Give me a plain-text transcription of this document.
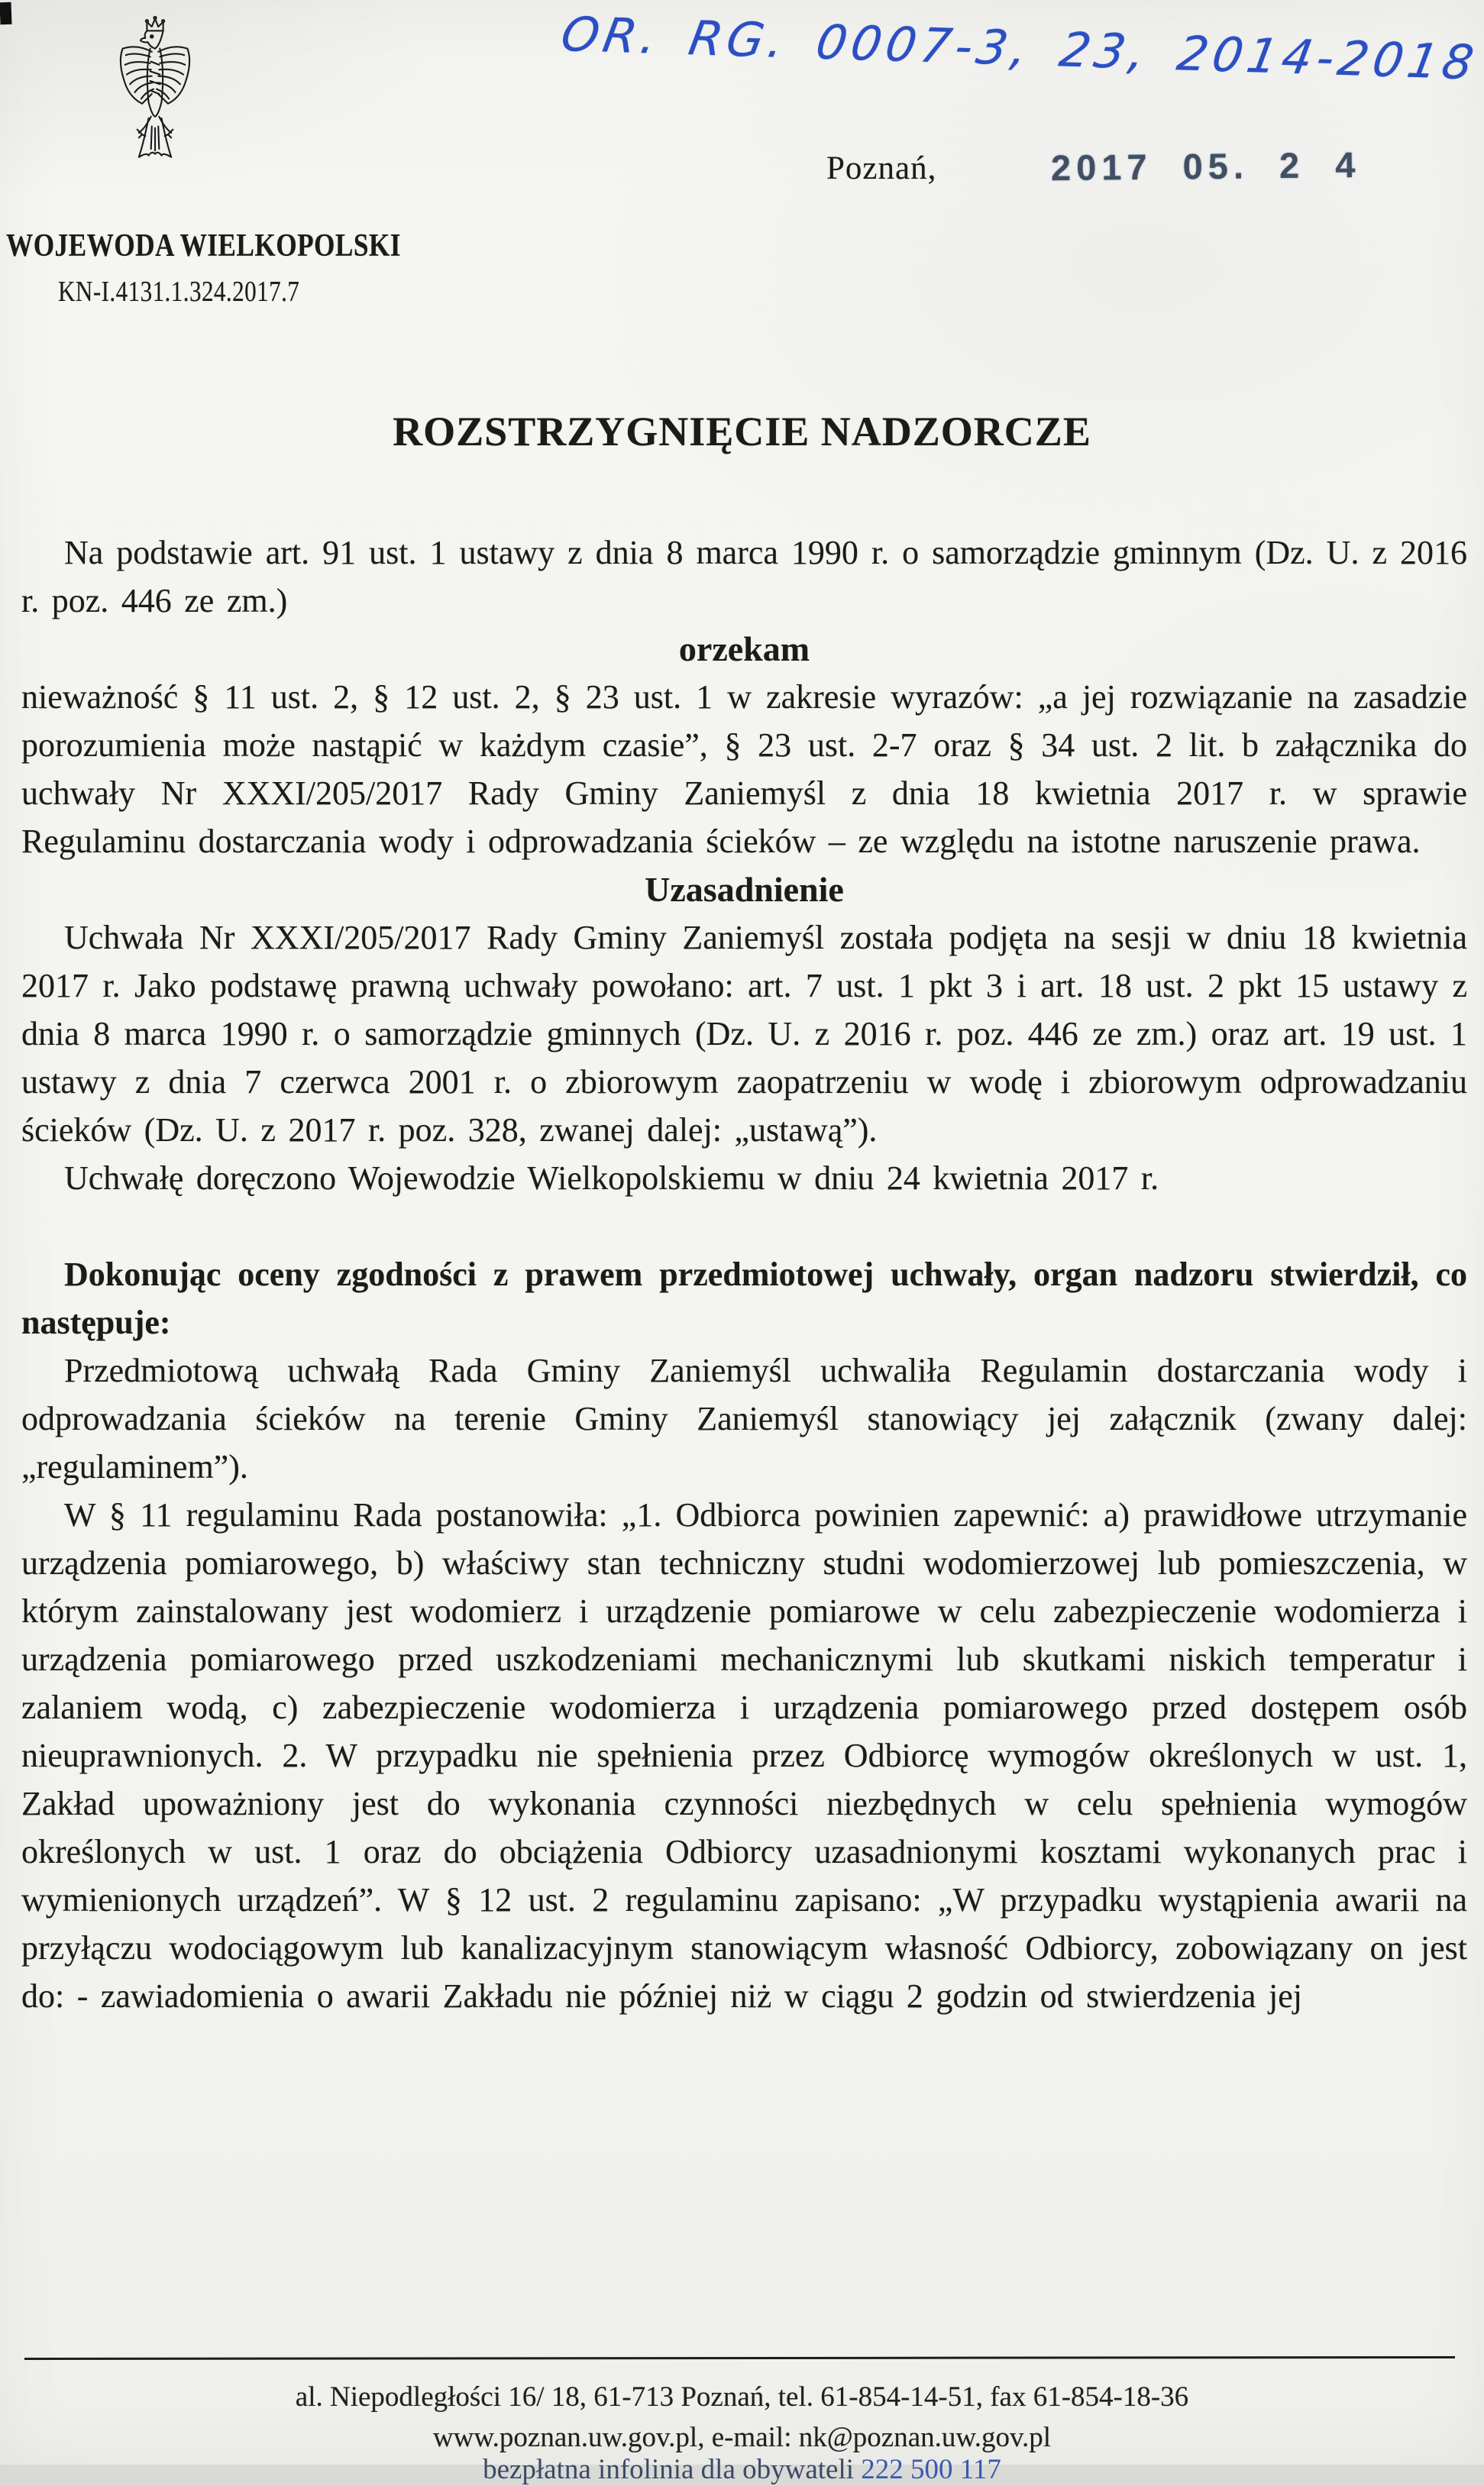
OR. RG. 0007-3, 23, 2014-2018
WOJEWODA WIELKOPOLSKI
KN-I.4131.1.324.2017.7
Poznań,	2017 05. 2 4
ROZSTRZYGNIĘCIE NADZORCZE

Na podstawie art. 91 ust. 1 ustawy z dnia 8 marca 1990 r. o samorządzie gminnym (Dz. U. z 2016 r. poz. 446 ze zm.)

orzekam

nieważność § 11 ust. 2, § 12 ust. 2, § 23 ust. 1 w zakresie wyrazów: „a jej rozwiązanie na zasadzie porozumienia może nastąpić w każdym czasie”, § 23 ust. 2-7 oraz § 34 ust. 2 lit. b załącznika do uchwały Nr XXXI/205/2017 Rady Gminy Zaniemyśl z dnia 18 kwietnia 2017 r. w sprawie Regulaminu dostarczania wody i odprowadzania ścieków – ze względu na istotne naruszenie prawa.

Uzasadnienie

Uchwała Nr XXXI/205/2017 Rady Gminy Zaniemyśl została podjęta na sesji w dniu 18 kwietnia 2017 r. Jako podstawę prawną uchwały powołano: art. 7 ust. 1 pkt 3 i art. 18 ust. 2 pkt 15 ustawy z dnia 8 marca 1990 r. o samorządzie gminnych (Dz. U. z 2016 r. poz. 446 ze zm.) oraz art. 19 ust. 1 ustawy z dnia 7 czerwca 2001 r. o zbiorowym zaopatrzeniu w wodę i zbiorowym odprowadzaniu ścieków (Dz. U. z 2017 r. poz. 328, zwanej dalej: „ustawą”).

Uchwałę doręczono Wojewodzie Wielkopolskiemu w dniu 24 kwietnia 2017 r.

Dokonując oceny zgodności z prawem przedmiotowej uchwały, organ nadzoru stwierdził, co następuje:

Przedmiotową uchwałą Rada Gminy Zaniemyśl uchwaliła Regulamin dostarczania wody i odprowadzania ścieków na terenie Gminy Zaniemyśl stanowiący jej załącznik (zwany dalej: „regulaminem”).

W § 11 regulaminu Rada postanowiła: „1. Odbiorca powinien zapewnić: a) prawidłowe utrzymanie urządzenia pomiarowego, b) właściwy stan techniczny studni wodomierzowej lub pomieszczenia, w którym zainstalowany jest wodomierz i urządzenie pomiarowe w celu zabezpieczenie wodomierza i urządzenia pomiarowego przed uszkodzeniami mechanicznymi lub skutkami niskich temperatur i zalaniem wodą, c) zabezpieczenie wodomierza i urządzenia pomiarowego przed dostępem osób nieuprawnionych. 2. W przypadku nie spełnienia przez Odbiorcę wymogów określonych w ust. 1, Zakład upoważniony jest do wykonania czynności niezbędnych w celu spełnienia wymogów określonych w ust. 1 oraz do obciążenia Odbiorcy uzasadnionymi kosztami wykonanych prac i wymienionych urządzeń”. W § 12 ust. 2 regulaminu zapisano: „W przypadku wystąpienia awarii na przyłączu wodociągowym lub kanalizacyjnym stanowiącym własność Odbiorcy, zobowiązany on jest do: - zawiadomienia o awarii Zakładu nie później niż w ciągu 2 godzin od stwierdzenia jej

al. Niepodległości 16/ 18, 61-713 Poznań, tel. 61-854-14-51, fax 61-854-18-36
www.poznan.uw.gov.pl, e-mail: nk@poznan.uw.gov.pl
bezpłatna infolinia dla obywateli 222 500 117
